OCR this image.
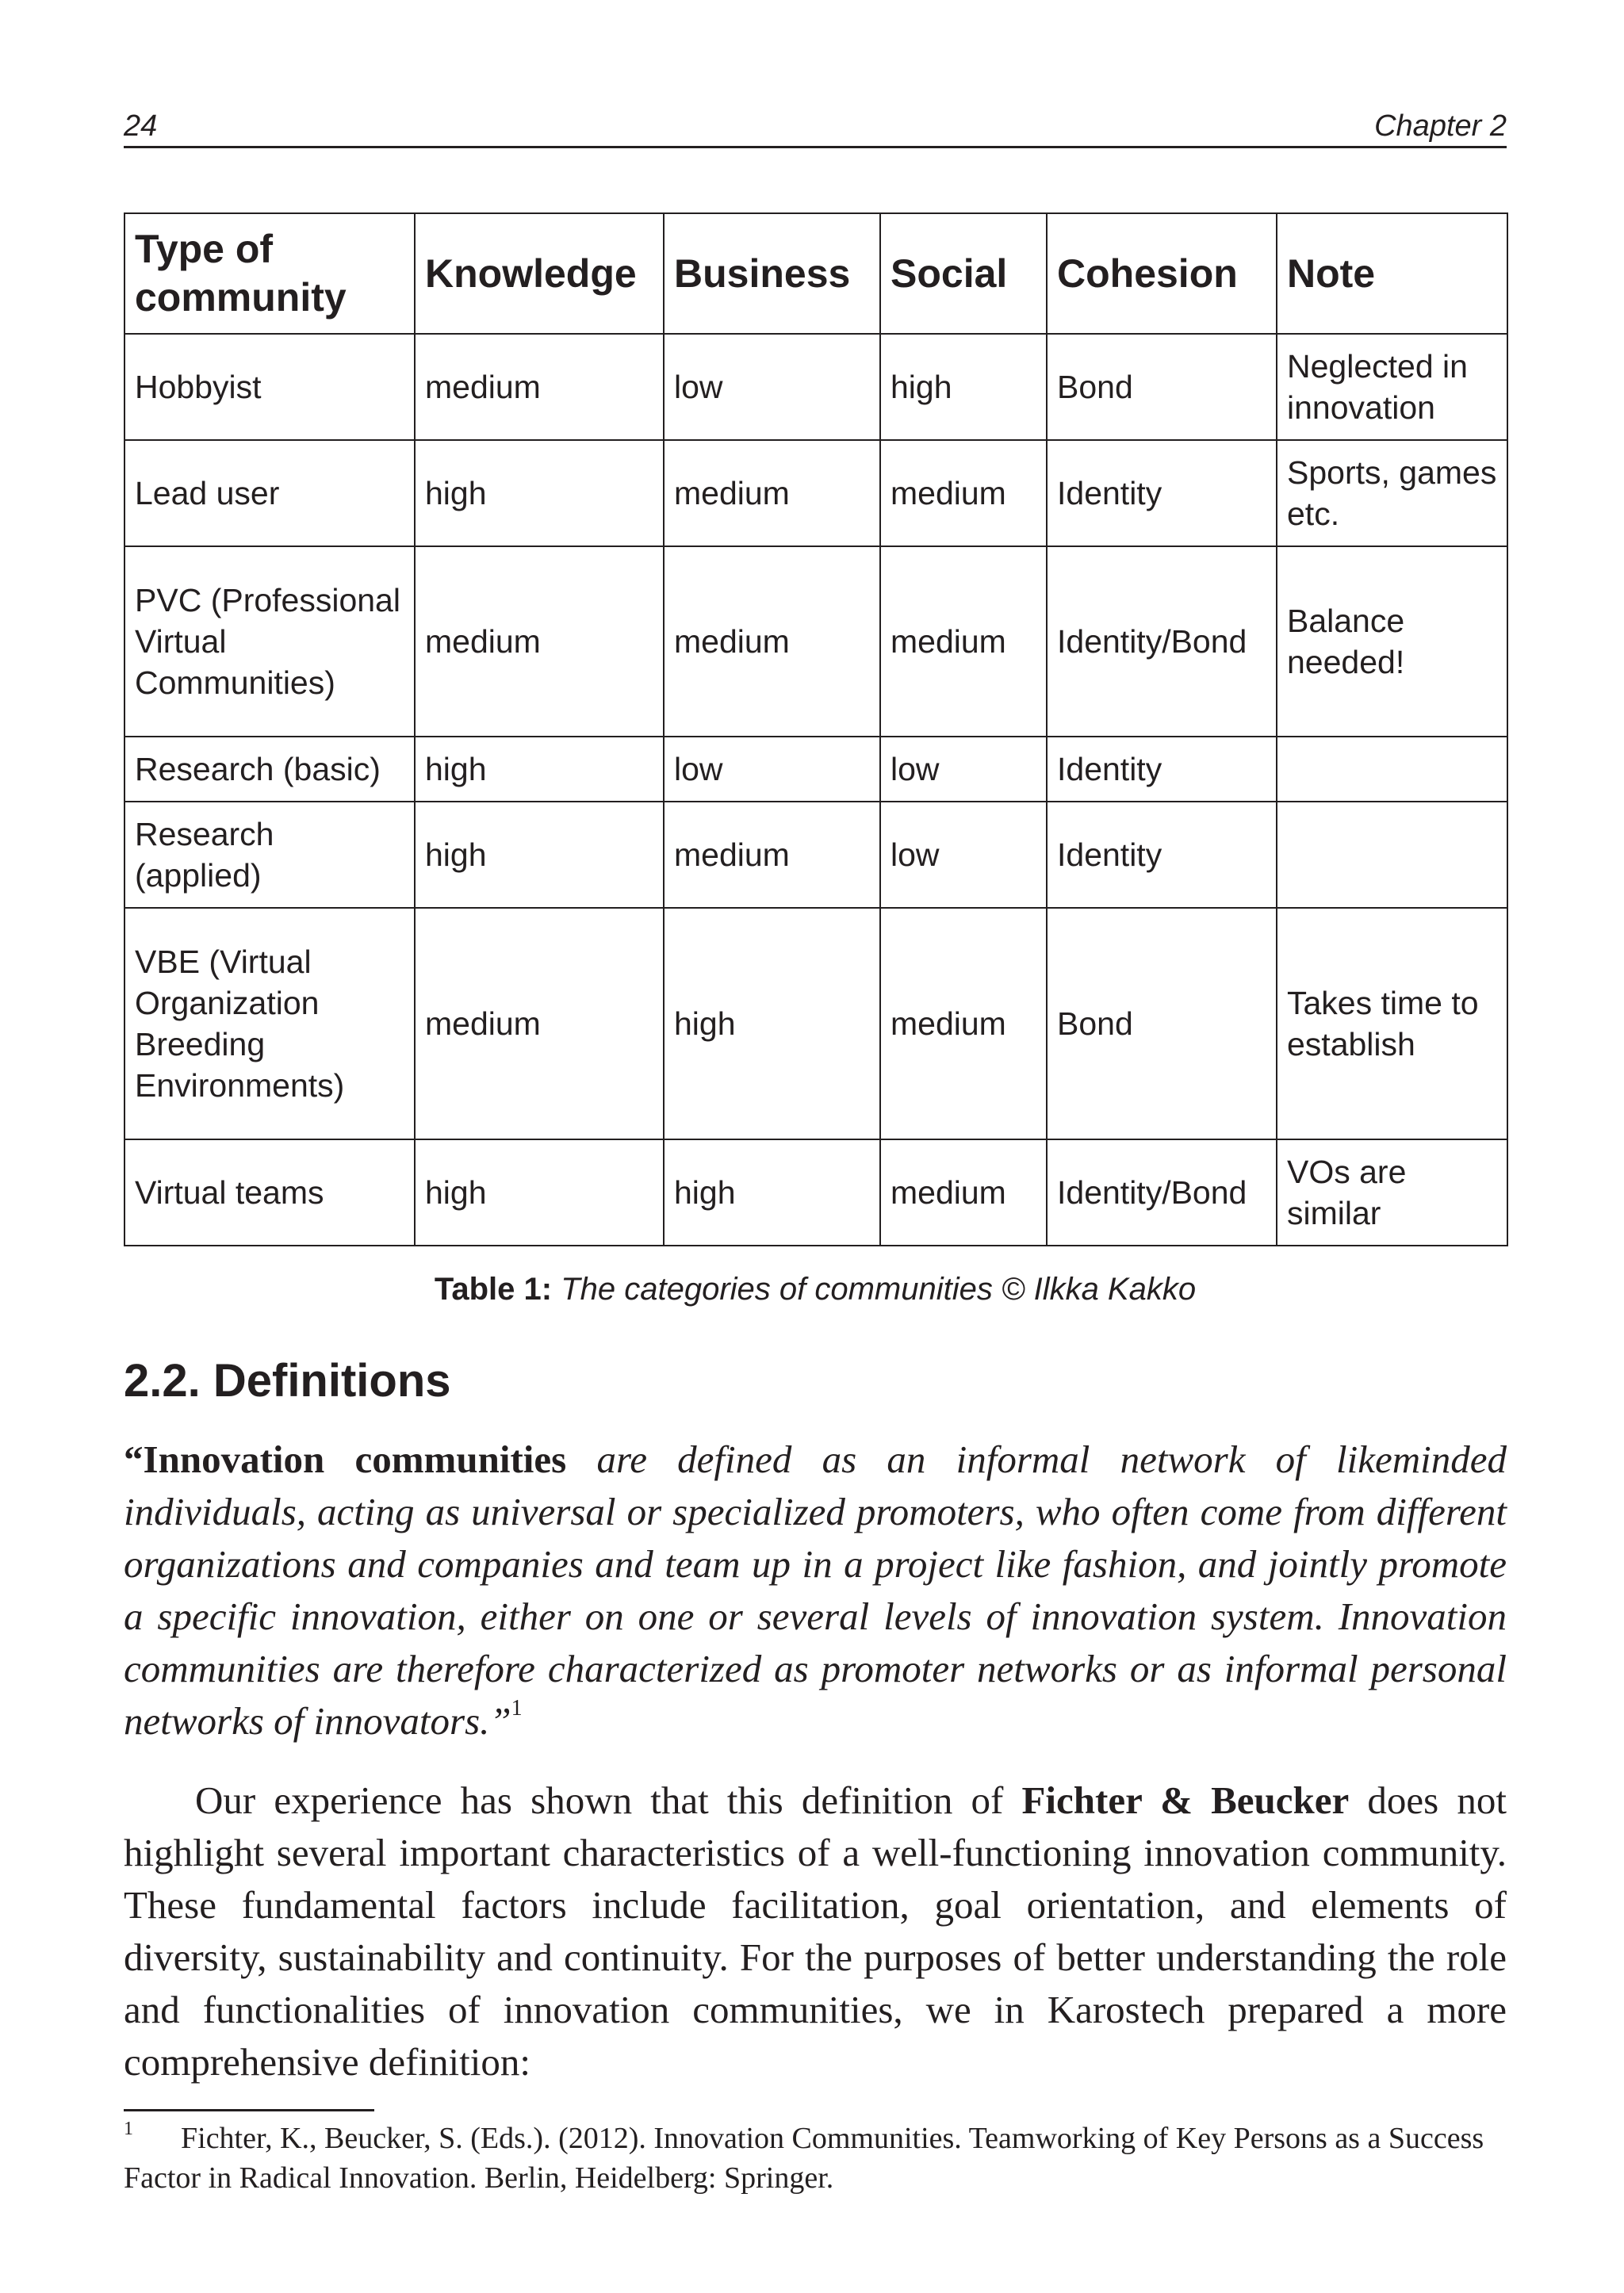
24	Chapter 2
Type of community	Knowledge	Business	Social	Cohesion	Note
Hobbyist	medium	low	high	Bond	Neglected in innovation
Lead user	high	medium	medium	Identity	Sports, games etc.
PVC (Professional Virtual Communities)	medium	medium	medium	Identity/Bond	Balance needed!
Research (basic)	high	low	low	Identity	
Research (applied)	high	medium	low	Identity	
VBE (Virtual Organization Breeding Environments)	medium	high	medium	Bond	Takes time to establish
Virtual teams	high	high	medium	Identity/Bond	VOs are similar
Table 1: The categories of communities © Ilkka Kakko
2.2. Definitions

“Innovation communities are defined as an informal network of likeminded individuals, acting as universal or specialized promoters, who often come from different organizations and companies and team up in a project like fashion, and jointly promote a specific innovation, either on one or several levels of innovation system. Innovation communities are therefore characterized as promoter networks or as informal personal networks of innovators.”$^1$

Our experience has shown that this definition of Fichter & Beucker does not highlight several important characteristics of a well-functioning innovation community. These fundamental factors include facilitation, goal orientation, and elements of diversity, sustainability and continuity. For the purposes of better understanding the role and functionalities of innovation communities, we in Karostech prepared a more comprehensive definition:

1 Fichter, K., Beucker, S. (Eds.). (2012). Innovation Communities. Teamworking of Key Persons as a Success Factor in Radical Innovation. Berlin, Heidelberg: Springer.
